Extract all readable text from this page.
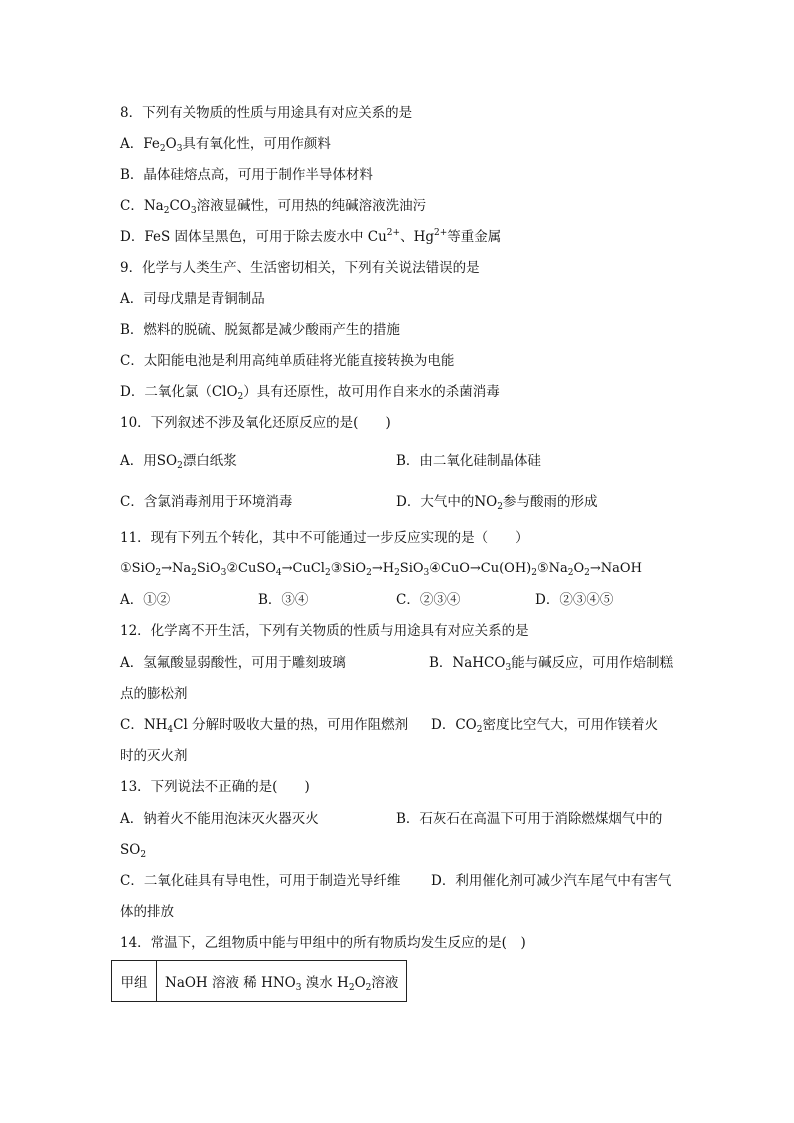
8．下列有关物质的性质与用途具有对应关系的是
A．$Fe_2O_3$具有氧化性，可用作颜料
B．晶体硅熔点高，可用于制作半导体材料
C．$Na_2CO_3$溶液显碱性，可用热的纯碱溶液洗油污
D．FeS 固体呈黑色，可用于除去废水中 $Cu^{2+}$、$Hg^{2+}$等重金属
9．化学与人类生产、生活密切相关，下列有关说法错误的是
A．司母戊鼎是青铜制品
B．燃料的脱硫、脱氮都是减少酸雨产生的措施
C．太阳能电池是利用高纯单质硅将光能直接转换为电能
D．二氧化氯（ClO$_2$）具有还原性，故可用作自来水的杀菌消毒
10．下列叙述不涉及氧化还原反应的是(　　)
A．用$SO_2$漂白纸浆	B．由二氧化硅制晶体硅
C．含氯消毒剂用于环境消毒	D．大气中的$NO_2$参与酸雨的形成
11．现有下列五个转化，其中不可能通过一步反应实现的是（　　）
$①SiO_2\to Na_2SiO_3②CuSO_4\to CuCl_2③SiO_2\to H_2SiO_3④CuO\to Cu(OH)_2⑤Na_2O_2\to NaOH$
A．①②	B．③④	C．②③④	D．②③④⑤
12．化学离不开生活，下列有关物质的性质与用途具有对应关系的是
A．氢氟酸显弱酸性，可用于雕刻玻璃	B．NaHCO$_3$能与碱反应，可用作焙制糕
点的膨松剂
C．$NH_4Cl$ 分解时吸收大量的热，可用作阻燃剂 D．$CO_2$密度比空气大，可用作镁着火
时的灭火剂
13．下列说法不正确的是(　　)
A．钠着火不能用泡沫灭火器灭火	B．石灰石在高温下可用于消除燃煤烟气中的
$SO_2$
C．二氧化硅具有导电性，可用于制造光导纤维 D．利用催化剂可减少汽车尾气中有害气
体的排放
14．常温下，乙组物质中能与甲组中的所有物质均发生反应的是(　)
甲组	NaOH 溶液 稀 $HNO_3$ 溴水 $H_2O_2$溶液
